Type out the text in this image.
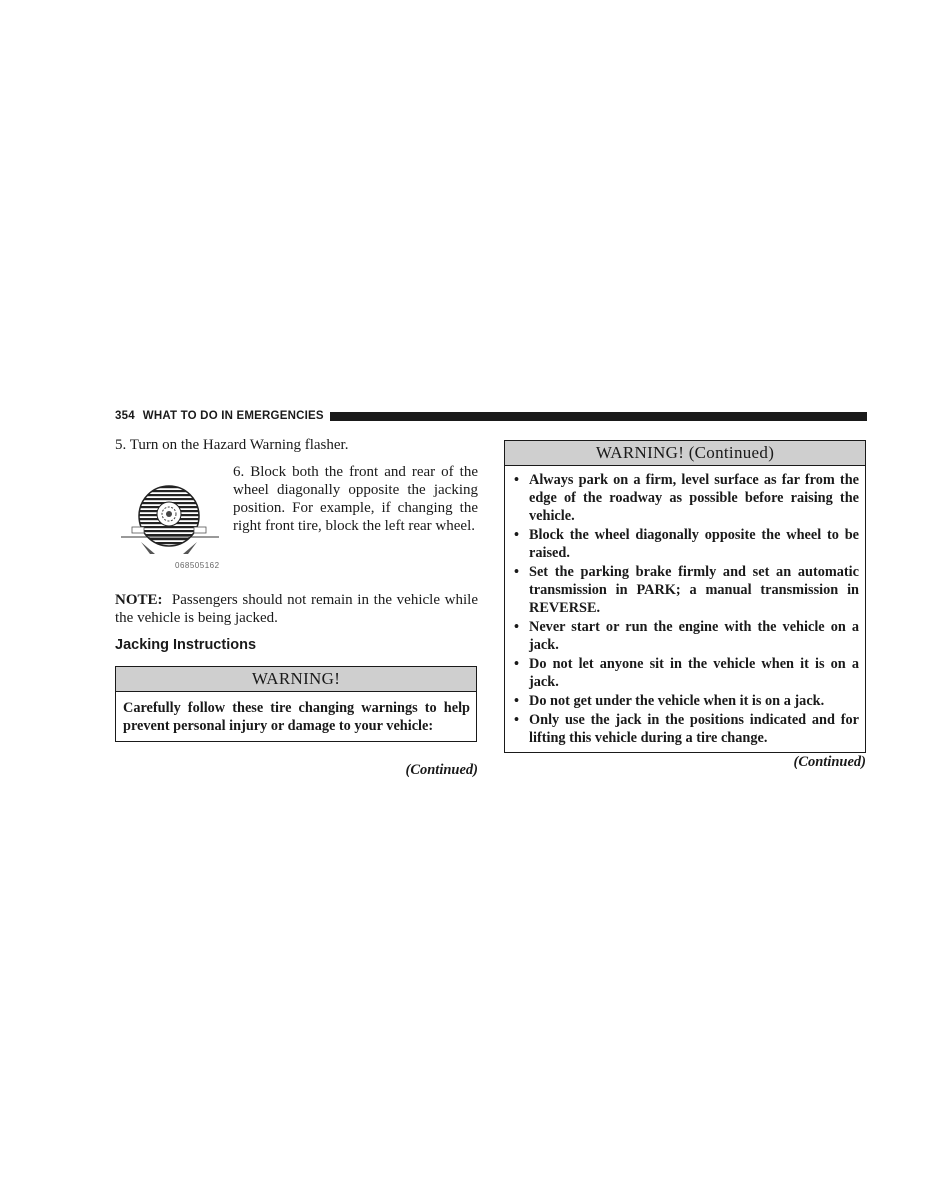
354 WHAT TO DO IN EMERGENCIES

5. Turn on the Hazard Warning flasher.

068505162

6. Block both the front and rear of the wheel diagonally opposite the jacking position. For example, if changing the right front tire, block the left rear wheel.

NOTE: Passengers should not remain in the vehicle while the vehicle is being jacked.

Jacking Instructions
WARNING!
Carefully follow these tire changing warnings to help prevent personal injury or damage to your vehicle:
(Continued)
WARNING! (Continued)
• Always park on a firm, level surface as far from the edge of the roadway as possible before raising the vehicle.
• Block the wheel diagonally opposite the wheel to be raised.
• Set the parking brake firmly and set an automatic transmission in PARK; a manual transmission in REVERSE.
• Never start or run the engine with the vehicle on a jack.
• Do not let anyone sit in the vehicle when it is on a jack.
• Do not get under the vehicle when it is on a jack.
• Only use the jack in the positions indicated and for lifting this vehicle during a tire change.
(Continued)
